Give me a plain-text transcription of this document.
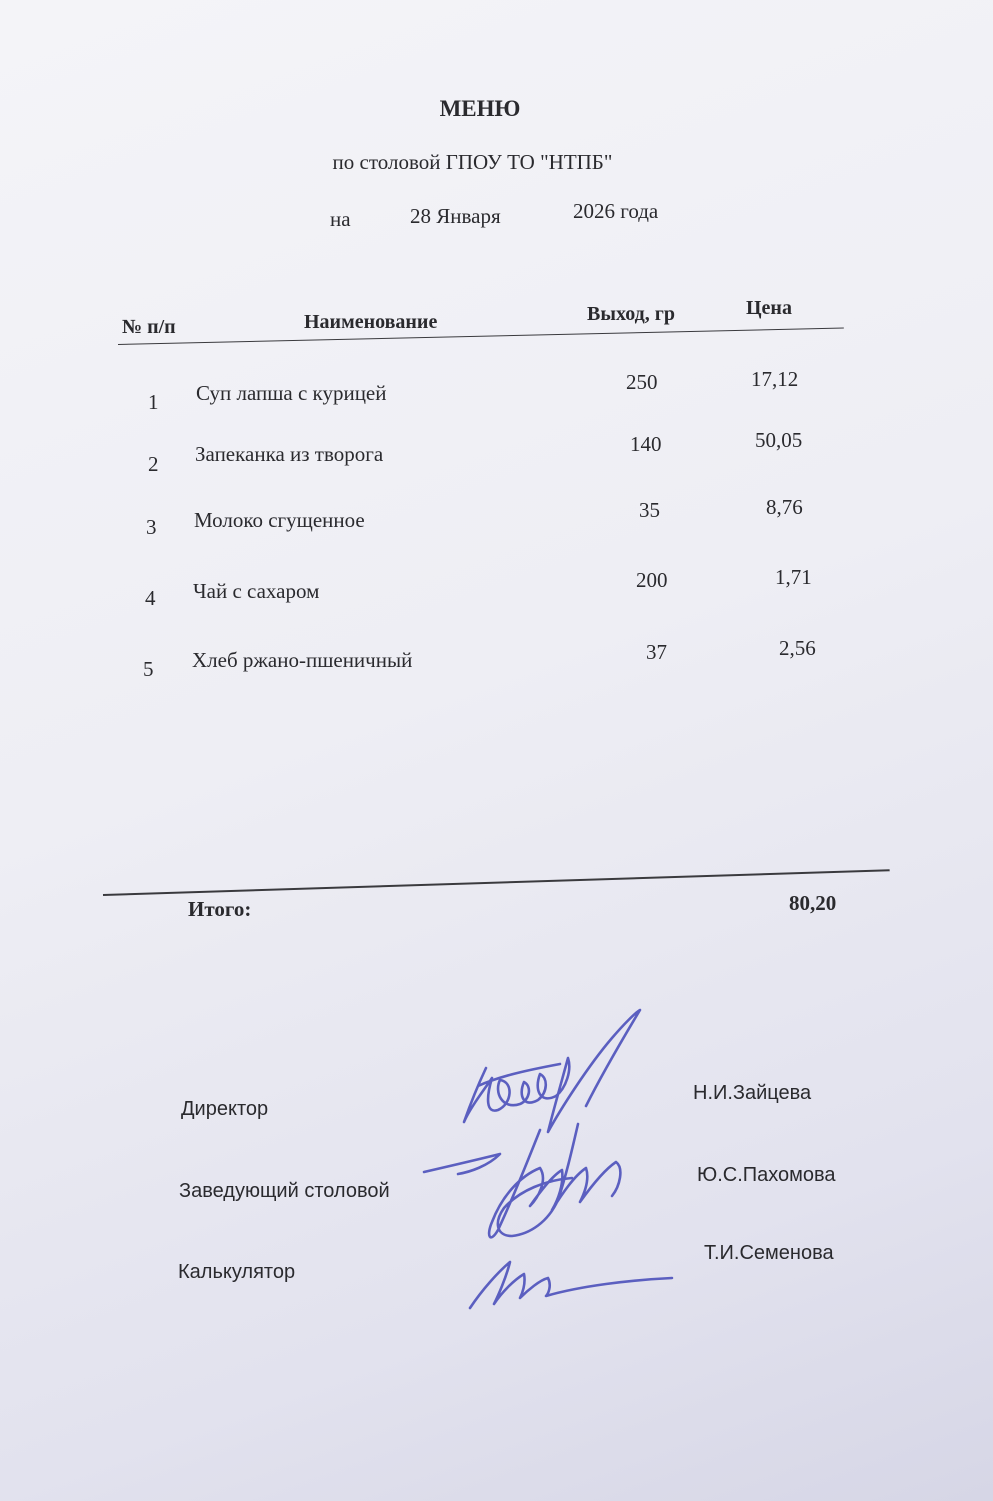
МЕНЮ
по столовой ГПОУ ТО "НТПБ"
на	28 Января	2026 года
№ п/п	Наименование	Выход, гр	Цена
1 Суп лапша с курицей	250	17,12
2 Запеканка из творога	140	50,05
3 Молоко сгущенное	35	8,76
4 Чай с сахаром	200	1,71
5 Хлеб ржано-пшеничный	37	2,56
Итого:	80,20
Директор
Н.И.Зайцева
Заведующий столовой
Ю.С.Пахомова
Калькулятор
Т.И.Семенова
